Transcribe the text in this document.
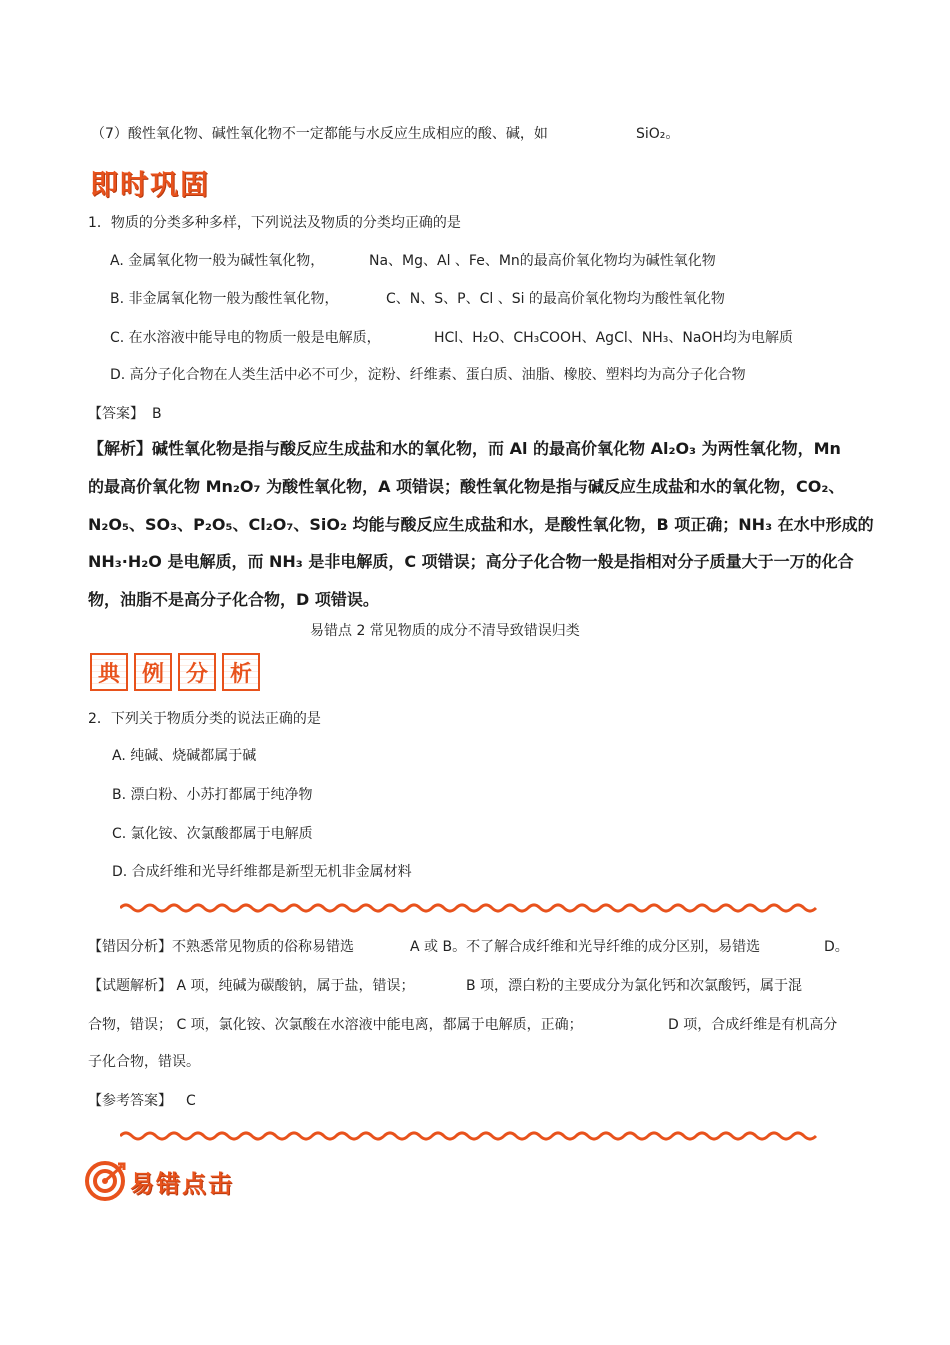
（7）酸性氧化物、碱性氧化物不一定都能与水反应生成相应的酸、碱，如	SiO₂。
即时巩固
1．物质的分类多种多样，下列说法及物质的分类均正确的是
A. 金属氧化物一般为碱性氧化物，	Na、Mg、Al 、Fe、Mn的最高价氧化物均为碱性氧化物
B. 非金属氧化物一般为酸性氧化物，	C、N、S、P、Cl 、Si 的最高价氧化物均为酸性氧化物
C. 在水溶液中能导电的物质一般是电解质，	HCl、H₂O、CH₃COOH、AgCl、NH₃、NaOH均为电解质
D. 高分子化合物在人类生活中必不可少，淀粉、纤维素、蛋白质、油脂、橡胶、塑料均为高分子化合物
【答案】 B
【解析】碱性氧化物是指与酸反应生成盐和水的氧化物，而 Al 的最高价氧化物 Al₂O₃ 为两性氧化物，Mn
的最高价氧化物 Mn₂O₇ 为酸性氧化物，A 项错误；酸性氧化物是指与碱反应生成盐和水的氧化物，CO₂、
N₂O₅、SO₃、P₂O₅、Cl₂O₇、SiO₂ 均能与酸反应生成盐和水，是酸性氧化物，B 项正确；NH₃ 在水中形成的
NH₃·H₂O 是电解质，而 NH₃ 是非电解质，C 项错误；高分子化合物一般是指相对分子质量大于一万的化合
物，油脂不是高分子化合物，D 项错误。
易错点 2 常见物质的成分不清导致错误归类
典 例 分 析
2．下列关于物质分类的说法正确的是
A. 纯碱、烧碱都属于碱
B. 漂白粉、小苏打都属于纯净物
C. 氯化铵、次氯酸都属于电解质
D. 合成纤维和光导纤维都是新型无机非金属材料
【错因分析】不熟悉常见物质的俗称易错选	A 或 B。不了解合成纤维和光导纤维的成分区别，易错选	D。
【试题解析】 A 项，纯碱为碳酸钠，属于盐，错误；	B 项，漂白粉的主要成分为氯化钙和次氯酸钙，属于混
合物，错误； C 项，氯化铵、次氯酸在水溶液中能电离，都属于电解质，正确；	D 项，合成纤维是有机高分
子化合物，错误。
【参考答案】 C
易错点击
